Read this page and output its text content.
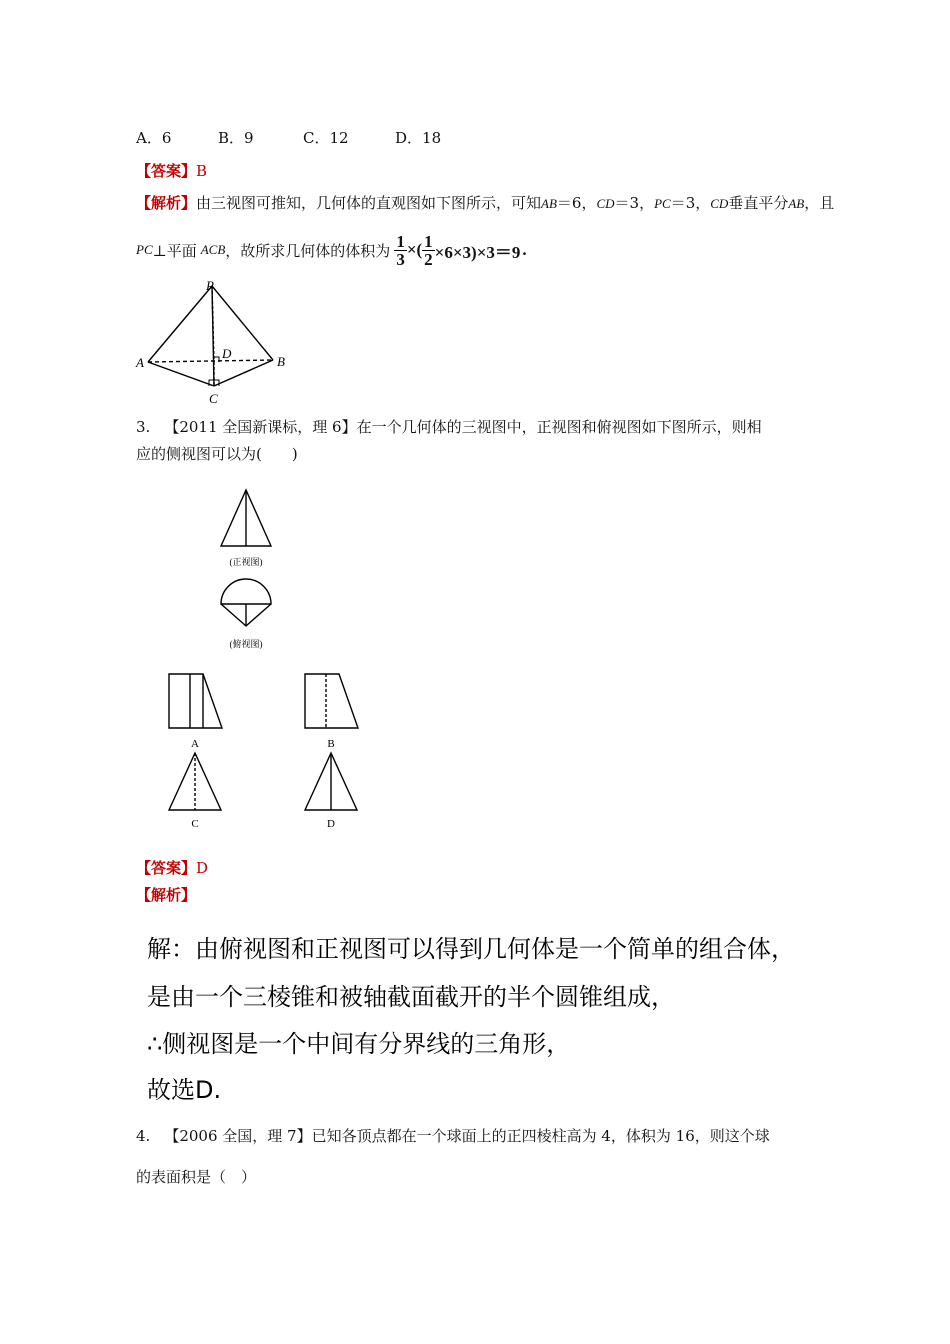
A．6	B．9	C．12	D．18
【答案】B
【解析】由三视图可推知，几何体的直观图如下图所示，可知AB＝6，CD＝3，PC＝3，CD垂直平分AB，且
PC ⊥平面 ACB ，故所求几何体的体积为 $\frac{1}{3}$ ×( $\frac{1}{2} \times 6\times 3)\times 3=9$ .
P
A	B
C
D
3. 【2011 全国新课标，理 6】在一个几何体的三视图中，正视图和俯视图如下图所示，则相
应的侧视图可以为(　　)
(正视图)
(俯视图)
A	B
C	D
【答案】D
【解析】
解：由俯视图和正视图可以得到几何体是一个简单的组合体，
是由一个三棱锥和被轴截面截开的半个圆锥组成，
∴侧视图是一个中间有分界线的三角形，
故选D.
4. 【2006 全国，理 7】已知各顶点都在一个球面上的正四棱柱高为 4，体积为 16，则这个球
的表面积是（　）
